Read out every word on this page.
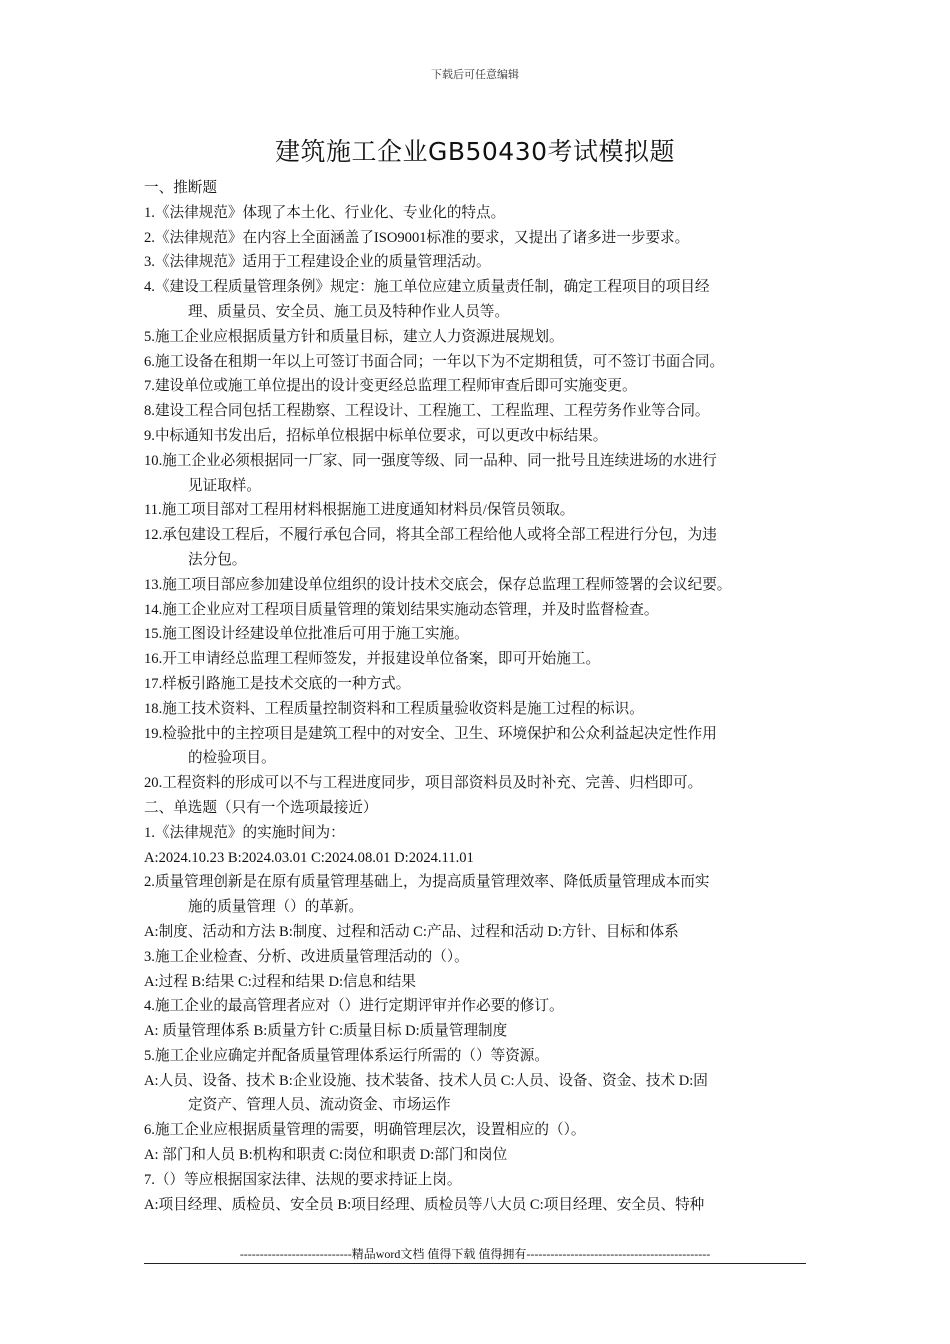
下载后可任意编辑
建筑施工企业GB50430考试模拟题
一、推断题
1.《法律规范》体现了本土化、行业化、专业化的特点。
2.《法律规范》在内容上全面涵盖了ISO9001标准的要求，又提出了诸多进一步要求。
3.《法律规范》适用于工程建设企业的质量管理活动。
4.《建设工程质量管理条例》规定：施工单位应建立质量责任制，确定工程项目的项目经
理、质量员、安全员、施工员及特种作业人员等。
5.施工企业应根据质量方针和质量目标，建立人力资源进展规划。
6.施工设备在租期一年以上可签订书面合同；一年以下为不定期租赁，可不签订书面合同。
7.建设单位或施工单位提出的设计变更经总监理工程师审查后即可实施变更。
8.建设工程合同包括工程勘察、工程设计、工程施工、工程监理、工程劳务作业等合同。
9.中标通知书发出后，招标单位根据中标单位要求，可以更改中标结果。
10.施工企业必须根据同一厂家、同一强度等级、同一品种、同一批号且连续进场的水进行
见证取样。
11.施工项目部对工程用材料根据施工进度通知材料员/保管员领取。
12.承包建设工程后，不履行承包合同，将其全部工程给他人或将全部工程进行分包，为违
法分包。
13.施工项目部应参加建设单位组织的设计技术交底会，保存总监理工程师签署的会议纪要。
14.施工企业应对工程项目质量管理的策划结果实施动态管理，并及时监督检查。
15.施工图设计经建设单位批准后可用于施工实施。
16.开工申请经总监理工程师签发，并报建设单位备案，即可开始施工。
17.样板引路施工是技术交底的一种方式。
18.施工技术资料、工程质量控制资料和工程质量验收资料是施工过程的标识。
19.检验批中的主控项目是建筑工程中的对安全、卫生、环境保护和公众利益起决定性作用
的检验项目。
20.工程资料的形成可以不与工程进度同步，项目部资料员及时补充、完善、归档即可。
二、单选题（只有一个选项最接近）
1.《法律规范》的实施时间为：
A:2024.10.23 B:2024.03.01 C:2024.08.01 D:2024.11.01
2.质量管理创新是在原有质量管理基础上，为提高质量管理效率、降低质量管理成本而实
施的质量管理（）的革新。
A:制度、活动和方法 B:制度、过程和活动 C:产品、过程和活动 D:方针、目标和体系
3.施工企业检查、分析、改进质量管理活动的（）。
A:过程 B:结果 C:过程和结果 D:信息和结果
4.施工企业的最高管理者应对（）进行定期评审并作必要的修订。
A: 质量管理体系 B:质量方针 C:质量目标 D:质量管理制度
5.施工企业应确定并配备质量管理体系运行所需的（）等资源。
A:人员、设备、技术 B:企业设施、技术装备、技术人员 C:人员、设备、资金、技术 D:固
定资产、管理人员、流动资金、市场运作
6.施工企业应根据质量管理的需要，明确管理层次，设置相应的（）。
A: 部门和人员 B:机构和职责 C:岗位和职责 D:部门和岗位
7.（）等应根据国家法律、法规的要求持证上岗。
A:项目经理、质检员、安全员 B:项目经理、质检员等八大员 C:项目经理、安全员、特种
----------------------------精品word文档 值得下载 值得拥有----------------------------------------------
